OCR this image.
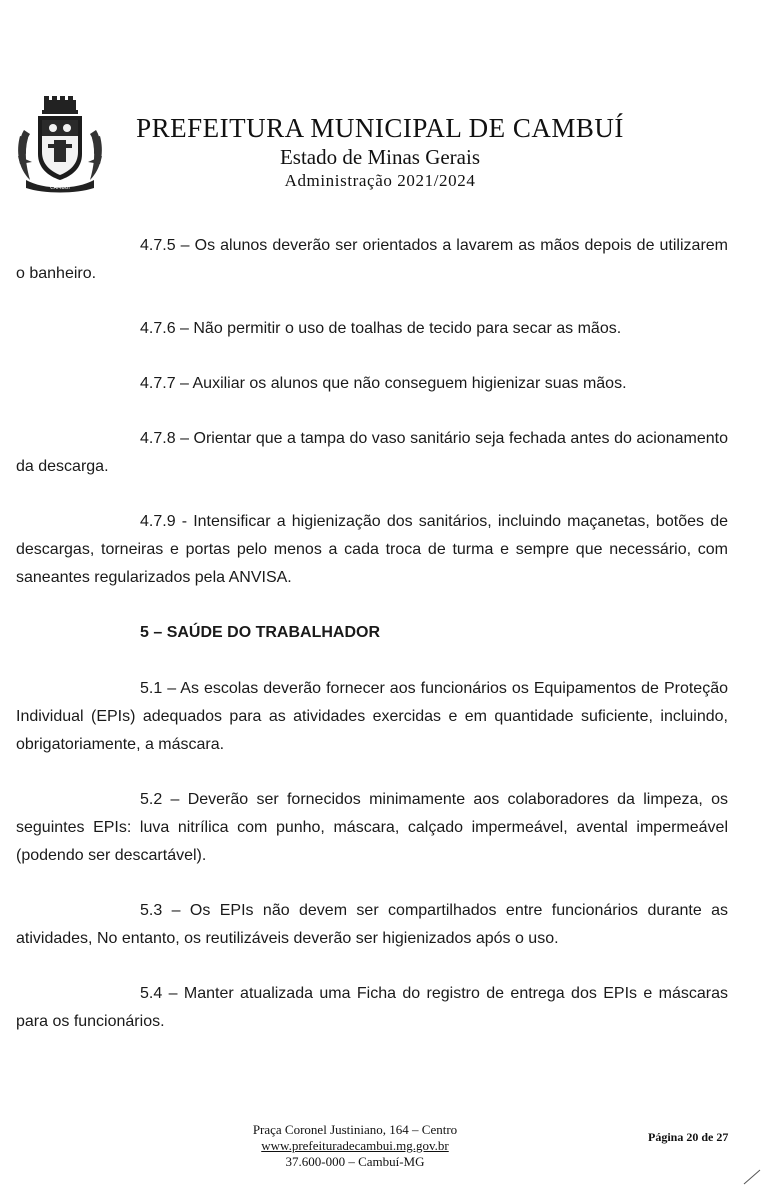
CAMBUÍ
PREFEITURA MUNICIPAL DE CAMBUÍ
Estado de Minas Gerais
Administração 2021/2024

4.7.5 – Os alunos deverão ser orientados a lavarem as mãos depois de utilizarem o banheiro.

4.7.6 – Não permitir o uso de toalhas de tecido para secar as mãos.

4.7.7 – Auxiliar os alunos que não conseguem higienizar suas mãos.

4.7.8 – Orientar que a tampa do vaso sanitário seja fechada antes do acionamento da descarga.

4.7.9 - Intensificar a higienização dos sanitários, incluindo maçanetas, botões de descargas, torneiras e portas pelo menos a cada troca de turma e sempre que necessário, com saneantes regularizados pela ANVISA.

5 – SAÚDE DO TRABALHADOR

5.1 – As escolas deverão fornecer aos funcionários os Equipamentos de Proteção Individual (EPIs) adequados para as atividades exercidas e em quantidade suficiente, incluindo, obrigatoriamente, a máscara.

5.2 – Deverão ser fornecidos minimamente aos colaboradores da limpeza, os seguintes EPIs: luva nitrílica com punho, máscara, calçado impermeável, avental impermeável (podendo ser descartável).

5.3 – Os EPIs não devem ser compartilhados entre funcionários durante as atividades, No entanto, os reutilizáveis deverão ser higienizados após o uso.

5.4 – Manter atualizada uma Ficha do registro de entrega dos EPIs e máscaras para os funcionários.

Praça Coronel Justiniano, 164 – Centro
www.prefeituradecambui.mg.gov.br
37.600-000 – Cambuí-MG
Página 20 de 27
